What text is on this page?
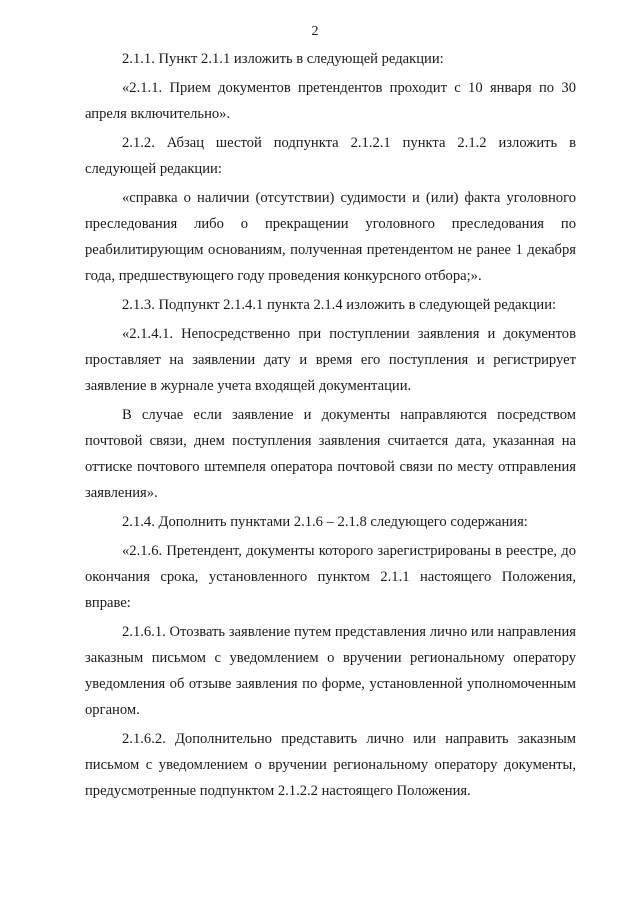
2

2.1.1. Пункт 2.1.1 изложить в следующей редакции:

«2.1.1. Прием документов претендентов проходит с 10 января по 30 апреля включительно».

2.1.2. Абзац шестой подпункта 2.1.2.1 пункта 2.1.2 изложить в следующей редакции:

«справка о наличии (отсутствии) судимости и (или) факта уголовного преследования либо о прекращении уголовного преследования по реабилитирующим основаниям, полученная претендентом не ранее 1 декабря года, предшествующего году проведения конкурсного отбора;».

2.1.3. Подпункт 2.1.4.1 пункта 2.1.4 изложить в следующей редакции:

«2.1.4.1. Непосредственно при поступлении заявления и документов проставляет на заявлении дату и время его поступления и регистрирует заявление в журнале учета входящей документации.

В случае если заявление и документы направляются посредством почтовой связи, днем поступления заявления считается дата, указанная на оттиске почтового штемпеля оператора почтовой связи по месту отправления заявления».

2.1.4. Дополнить пунктами 2.1.6 – 2.1.8 следующего содержания:

«2.1.6. Претендент, документы которого зарегистрированы в реестре, до окончания срока, установленного пунктом 2.1.1 настоящего Положения, вправе:

2.1.6.1. Отозвать заявление путем представления лично или направления заказным письмом с уведомлением о вручении региональному оператору уведомления об отзыве заявления по форме, установленной уполномоченным органом.

2.1.6.2. Дополнительно представить лично или направить заказным письмом с уведомлением о вручении региональному оператору документы, предусмотренные подпунктом 2.1.2.2 настоящего Положения.
